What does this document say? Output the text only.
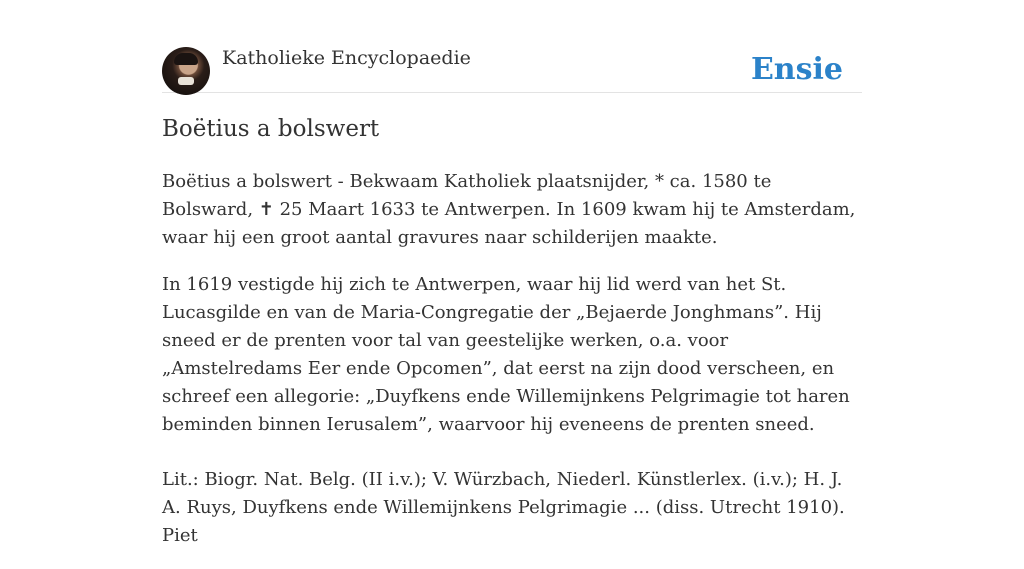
Katholieke Encyclopaedie	Ensie
Boëtius a bolswert

Boëtius a bolswert - Bekwaam Katholiek plaatsnijder, * ca. 1580 te Bolsward, ✝ 25 Maart 1633 te Antwerpen. In 1609 kwam hij te Amsterdam, waar hij een groot aantal gravures naar schilderijen maakte.

In 1619 vestigde hij zich te Antwerpen, waar hij lid werd van het St. Lucasgilde en van de Maria-Congregatie der „Bejaerde Jonghmans”. Hij sneed er de prenten voor tal van geestelijke werken, o.a. voor „Amstelredams Eer ende Opcomen”, dat eerst na zijn dood verscheen, en schreef een allegorie: „Duyfkens ende Willemijnkens Pelgrimagie tot haren beminden binnen Ierusalem”, waarvoor hij eveneens de prenten sneed.

Lit.: Biogr. Nat. Belg. (II i.v.); V. Würzbach, Niederl. Künstlerlex. (i.v.); H. J. A. Ruys, Duyfkens ende Willemijnkens Pelgrimagie ... (diss. Utrecht 1910). Piet
